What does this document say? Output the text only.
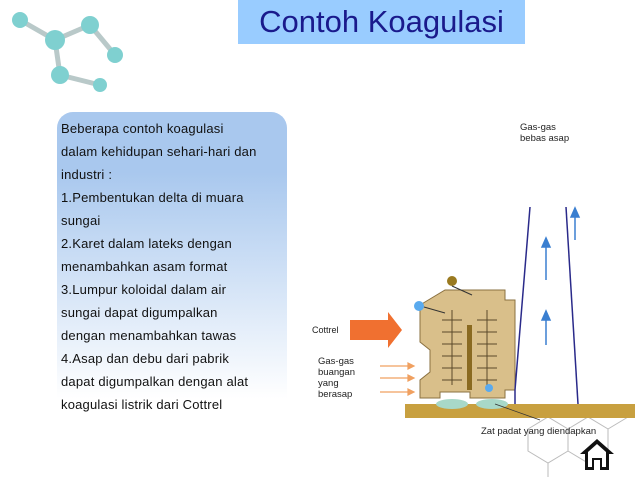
Contoh Koagulasi
Beberapa contoh koagulasi
dalam kehidupan sehari-hari dan
industri :
1.Pembentukan delta di muara
sungai
2.Karet dalam lateks dengan
menambahkan asam format
3.Lumpur koloidal dalam air
sungai dapat digumpalkan
dengan menambahkan tawas
4.Asap dan debu dari pabrik
dapat digumpalkan dengan alat
koagulasi listrik dari Cottrel
Gas-gas
bebas asap
Cottrel
Gas-gas
buangan
yang
berasap
Zat padat yang diendapkan
